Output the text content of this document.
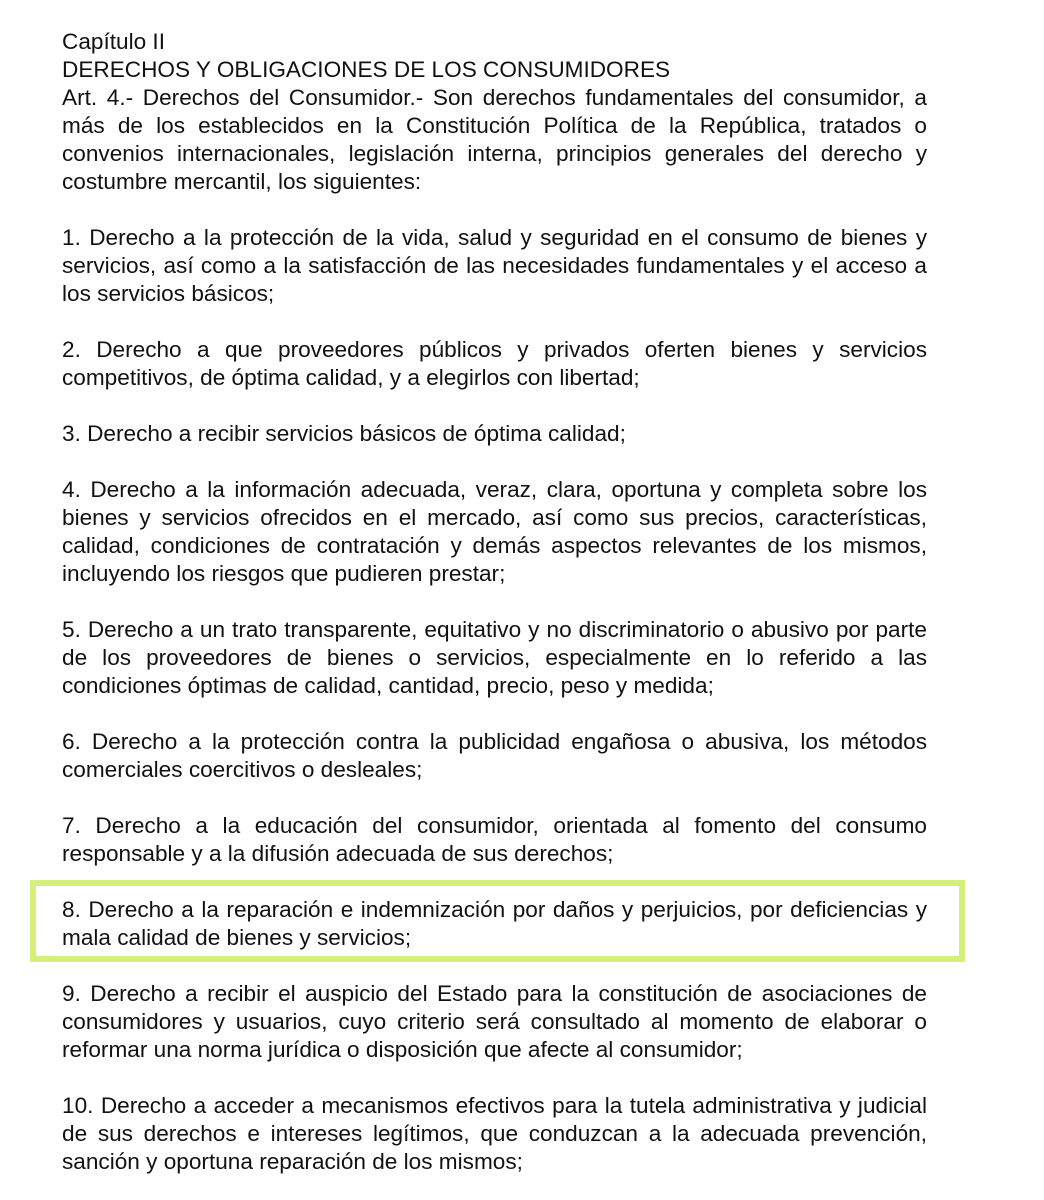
Capítulo II

DERECHOS Y OBLIGACIONES DE LOS CONSUMIDORES

Art. 4.- Derechos del Consumidor.- Son derechos fundamentales del consumidor, a más de los establecidos en la Constitución Política de la República, tratados o convenios internacionales, legislación interna, principios generales del derecho y costumbre mercantil, los siguientes:

1. Derecho a la protección de la vida, salud y seguridad en el consumo de bienes y servicios, así como a la satisfacción de las necesidades fundamentales y el acceso a los servicios básicos;

2. Derecho a que proveedores públicos y privados oferten bienes y servicios competitivos, de óptima calidad, y a elegirlos con libertad;

3. Derecho a recibir servicios básicos de óptima calidad;

4. Derecho a la información adecuada, veraz, clara, oportuna y completa sobre los bienes y servicios ofrecidos en el mercado, así como sus precios, características, calidad, condiciones de contratación y demás aspectos relevantes de los mismos, incluyendo los riesgos que pudieren prestar;

5. Derecho a un trato transparente, equitativo y no discriminatorio o abusivo por parte de los proveedores de bienes o servicios, especialmente en lo referido a las condiciones óptimas de calidad, cantidad, precio, peso y medida;

6. Derecho a la protección contra la publicidad engañosa o abusiva, los métodos comerciales coercitivos o desleales;

7. Derecho a la educación del consumidor, orientada al fomento del consumo responsable y a la difusión adecuada de sus derechos;

8. Derecho a la reparación e indemnización por daños y perjuicios, por deficiencias y mala calidad de bienes y servicios;

9. Derecho a recibir el auspicio del Estado para la constitución de asociaciones de consumidores y usuarios, cuyo criterio será consultado al momento de elaborar o reformar una norma jurídica o disposición que afecte al consumidor;

10. Derecho a acceder a mecanismos efectivos para la tutela administrativa y judicial de sus derechos e intereses legítimos, que conduzcan a la adecuada prevención, sanción y oportuna reparación de los mismos;
